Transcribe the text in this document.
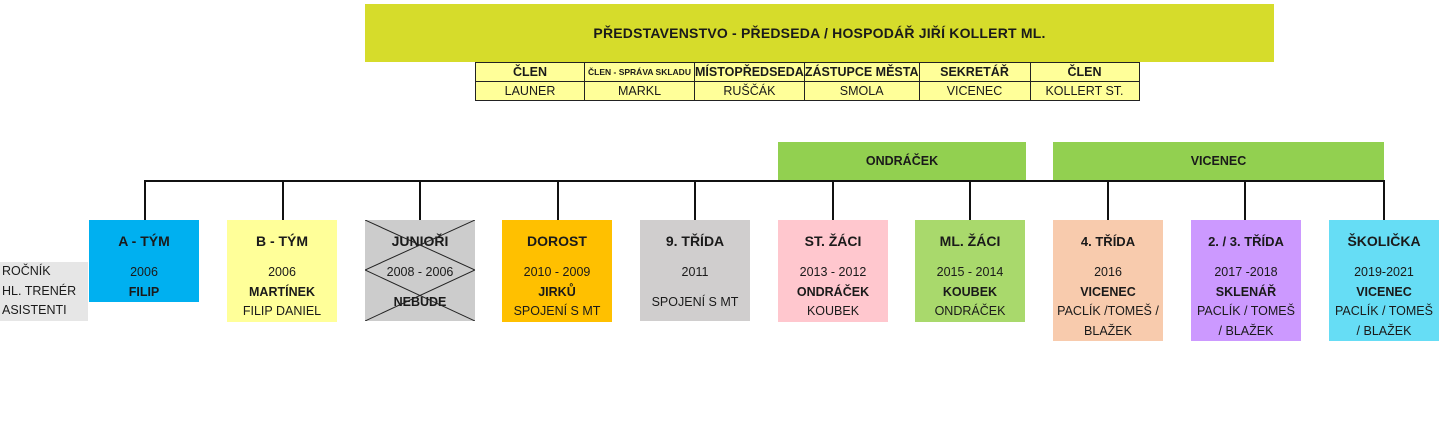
PŘEDSTAVENSTVO - PŘEDSEDA / HOSPODÁŘ JIŘÍ KOLLERT ML.
ČLEN	ČLEN - SPRÁVA SKLADU	MÍSTOPŘEDSEDA	ZÁSTUPCE MĚSTA	SEKRETÁŘ	ČLEN
LAUNER	MARKL	RUŠČÁK	SMOLA	VICENEC	KOLLERT ST.
ONDRÁČEK	VICENEC
ROČNÍK
HL. TRENÉR
ASISTENTI
A - TÝM
2006
FILIP
B - TÝM
2006
MARTÍNEK
FILIP DANIEL
JUNIOŘI
2008 - 2006
NEBUDE
DOROST
2010 - 2009
JIRKŮ
SPOJENÍ S MT
9. TŘÍDA
2011
SPOJENÍ S MT
ST. ŽÁCI
2013 - 2012
ONDRÁČEK
KOUBEK
ML. ŽÁCI
2015 - 2014
KOUBEK
ONDRÁČEK
4. TŘÍDA
2016
VICENEC
PACLÍK /TOMEŠ / BLAŽEK
2. / 3. TŘÍDA
2017 -2018
SKLENÁŘ
PACLÍK / TOMEŠ / BLAŽEK
ŠKOLIČKA
2019-2021
VICENEC
PACLÍK / TOMEŠ / BLAŽEK
